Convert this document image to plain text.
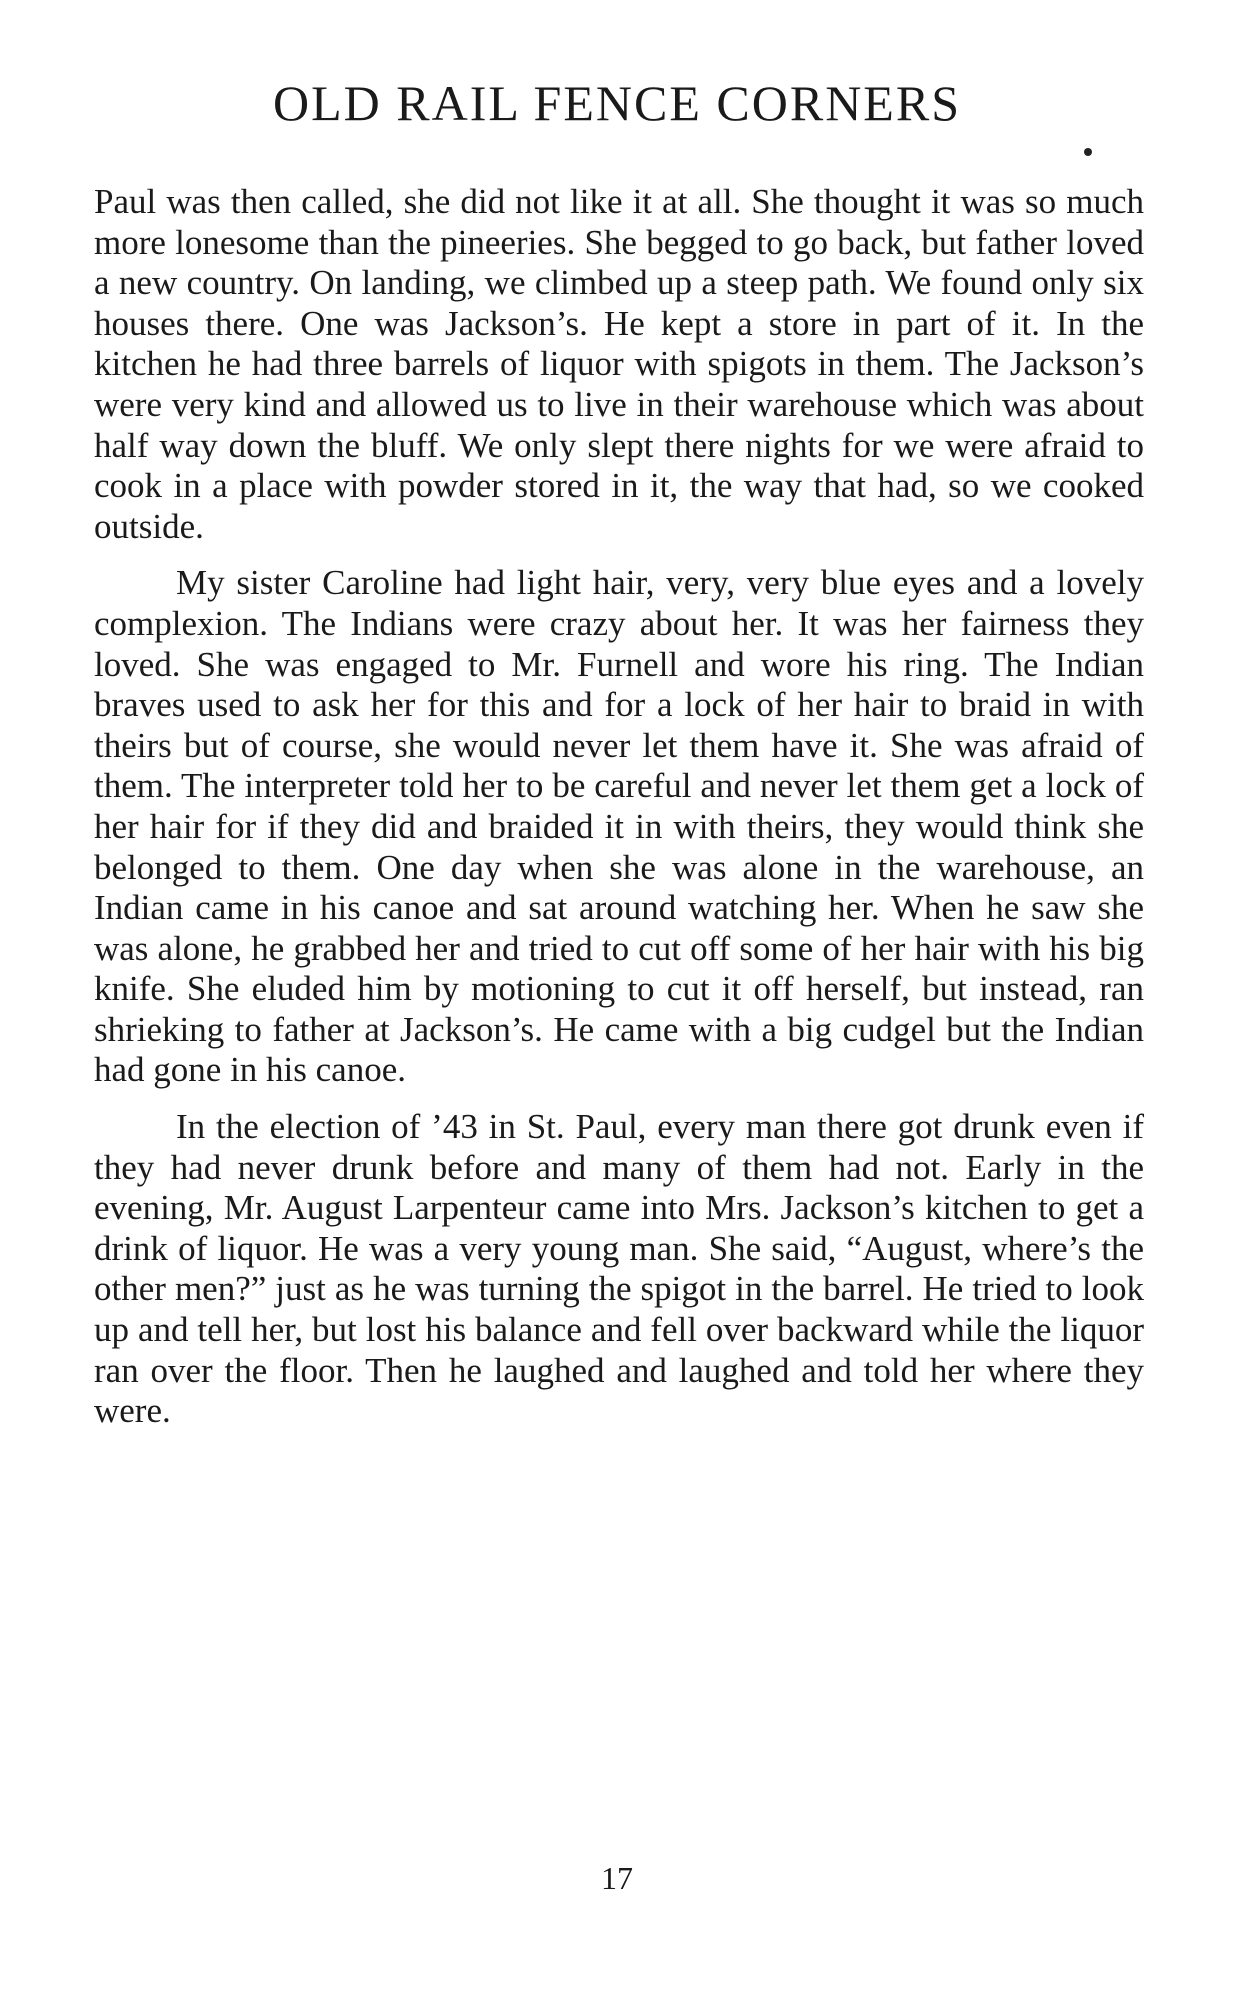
OLD RAIL FENCE CORNERS

Paul was then called, she did not like it at all. She thought it was so much more lonesome than the pineeries. She begged to go back, but father loved a new country. On landing, we climbed up a steep path. We found only six houses there. One was Jackson’s. He kept a store in part of it. In the kitchen he had three barrels of liquor with spigots in them. The Jackson’s were very kind and allowed us to live in their warehouse which was about half way down the bluff. We only slept there nights for we were afraid to cook in a place with powder stored in it, the way that had, so we cooked outside.

My sister Caroline had light hair, very, very blue eyes and a lovely complexion. The Indians were crazy about her. It was her fairness they loved. She was engaged to Mr. Furnell and wore his ring. The Indian braves used to ask her for this and for a lock of her hair to braid in with theirs but of course, she would never let them have it. She was afraid of them. The interpreter told her to be careful and never let them get a lock of her hair for if they did and braided it in with theirs, they would think she belonged to them. One day when she was alone in the warehouse, an Indian came in his canoe and sat around watching her. When he saw she was alone, he grabbed her and tried to cut off some of her hair with his big knife. She eluded him by motioning to cut it off herself, but instead, ran shrieking to father at Jackson’s. He came with a big cudgel but the Indian had gone in his canoe.

In the election of ’43 in St. Paul, every man there got drunk even if they had never drunk before and many of them had not. Early in the evening, Mr. August Larpenteur came into Mrs. Jackson’s kitchen to get a drink of liquor. He was a very young man. She said, “August, where’s the other men?” just as he was turning the spigot in the barrel. He tried to look up and tell her, but lost his balance and fell over backward while the liquor ran over the floor. Then he laughed and laughed and told her where they were.

17
